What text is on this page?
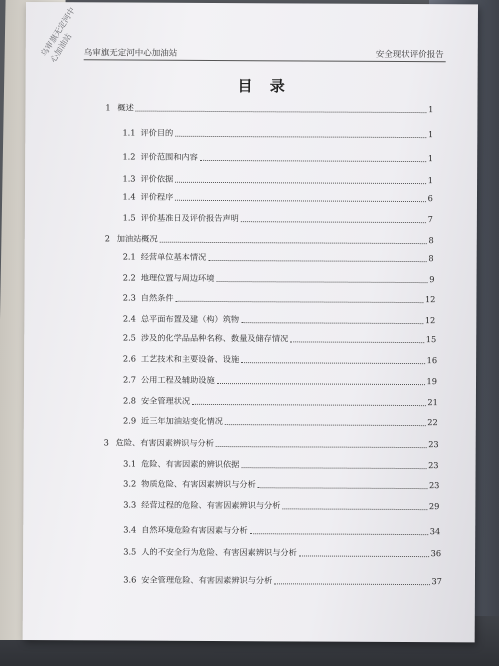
乌审旗无定河中心加油站	乌审旗无定河中心加油站	安全现状评价报告
目 录
1 概述	1
1.1 评价目的	1
1.2 评价范围和内容	1
1.3 评价依据	1
1.4 评价程序	6
1.5 评价基准日及评价报告声明	7
2 加油站概况	8
2.1 经营单位基本情况	8
2.2 地理位置与周边环境	9
2.3 自然条件	12
2.4 总平面布置及建（构）筑物	12
2.5 涉及的化学品品种名称、数量及储存情况	15
2.6 工艺技术和主要设备、设施	16
2.7 公用工程及辅助设施	19
2.8 安全管理状况	21
2.9 近三年加油站变化情况	22
3 危险、有害因素辨识与分析	23
3.1 危险、有害因素的辨识依据	23
3.2 物质危险、有害因素辨识与分析	23
3.3 经营过程的危险、有害因素辨识与分析	29
3.4 自然环境危险有害因素与分析	34
3.5 人的不安全行为危险、有害因素辨识与分析	36
3.6 安全管理危险、有害因素辨识与分析	37
